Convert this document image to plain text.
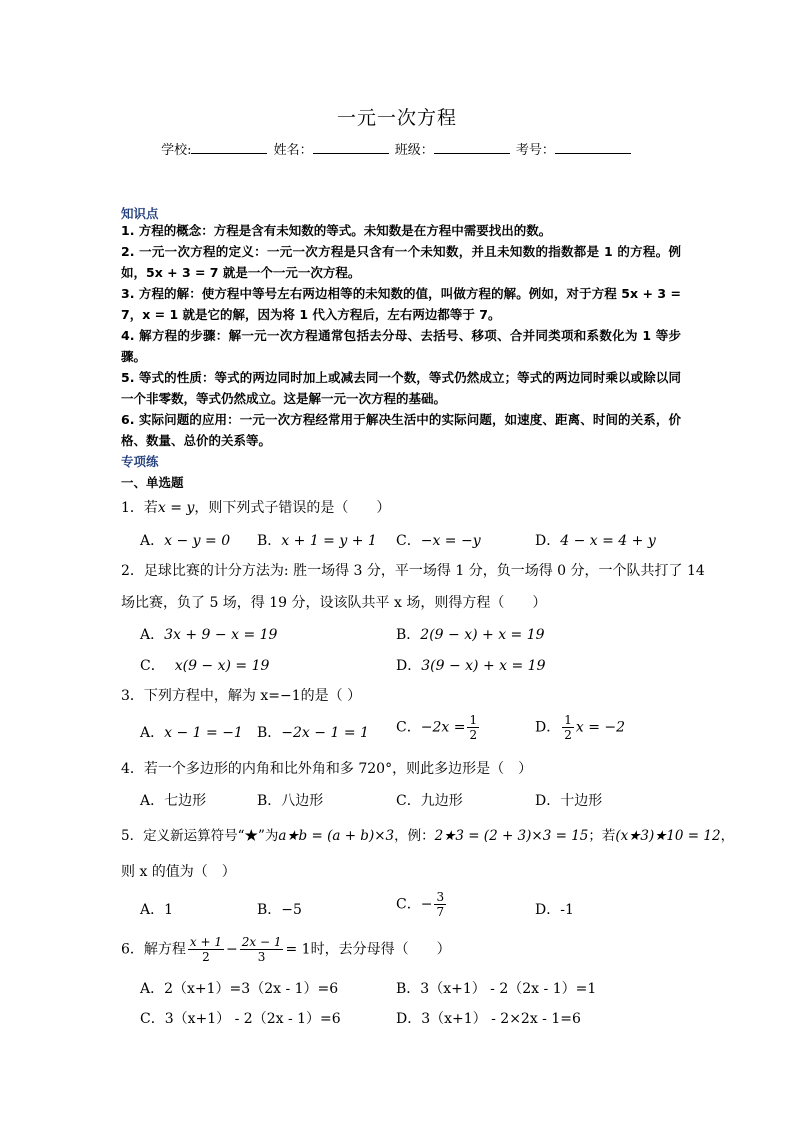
一元一次方程
学校:	姓名：	班级：	考号：
知识点

1. 方程的概念：方程是含有未知数的等式。未知数是在方程中需要找出的数。

2. 一元一次方程的定义：一元一次方程是只含有一个未知数，并且未知数的指数都是 1 的方程。例如，5x + 3 = 7 就是一个一元一次方程。

3. 方程的解：使方程中等号左右两边相等的未知数的值，叫做方程的解。例如，对于方程 5x + 3 = 7，x = 1 就是它的解，因为将 1 代入方程后，左右两边都等于 7。

4. 解方程的步骤：解一元一次方程通常包括去分母、去括号、移项、合并同类项和系数化为 1 等步骤。

5. 等式的性质：等式的两边同时加上或减去同一个数，等式仍然成立；等式的两边同时乘以或除以同一个非零数，等式仍然成立。这是解一元一次方程的基础。

6. 实际问题的应用：一元一次方程经常用于解决生活中的实际问题，如速度、距离、时间的关系，价格、数量、总价的关系等。

专项练
一、单选题
1．若x = y，则下列式子错误的是（　　）
A．x − y = 0 B．x + 1 = y + 1 C．−x = −y	D．4 − x = 4 + y
2．足球比赛的计分方法为: 胜一场得 3 分，平一场得 1 分，负一场得 0 分，一个队共打了 14
场比赛，负了 5 场，得 19 分，设该队共平 x 场，则得方程（　　）
A．3x + 9 − x = 19	B．2(9 − x) + x = 19
C． x(9 − x) = 19	D．3(9 − x) + x = 19
3．下列方程中，解为 x=−1的是（ ）
A．x − 1 = −1 B．−2x − 1 = 1 C．$-2x = \frac{1}{2}$	D． $\frac{1}{2}$ x = −2
4．若一个多边形的内角和比外角和多 720°，则此多边形是（　）
A．七边形	B．八边形	C．九边形	D．十边形
5．定义新运算符号“★”为a★b = (a + b)×3，例：2★3 = (2 + 3)×3 = 15；若(x★3)★10 = 12，
则 x 的值为（　）
A．1	B．−5	C．− $\frac{3}{7}$	D．-1
6．解方程 $\frac{x + 1}{2} - \frac{2x - 1}{3} = 1$时，去分母得（　　）
A．2（x+1）=3（2x - 1）=6	B．3（x+1） - 2（2x - 1）=1
C．3（x+1） - 2（2x - 1）=6	D．3（x+1） - 2×2x - 1=6
